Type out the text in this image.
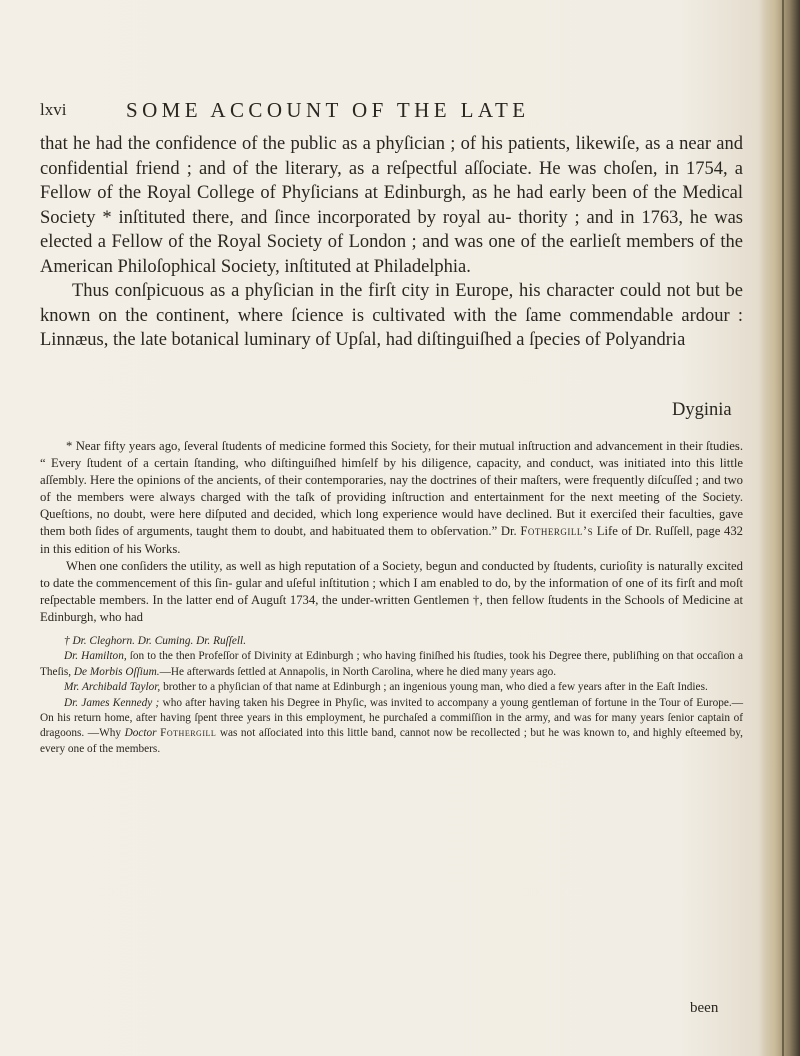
lxvi	SOME ACCOUNT OF THE LATE

that he had the confidence of the public as a phyſician ; of his patients, likewiſe, as a near and confidential friend ; and of the literary, as a reſpectful aſſociate. He was choſen, in 1754, a Fellow of the Royal College of Phyſicians at Edinburgh, as he had early been of the Medical Society * inſtituted there, and ſince incorporated by royal au- thority ; and in 1763, he was elected a Fellow of the Royal Society of London ; and was one of the earlieſt members of the American Philoſophical Society, inſtituted at Philadelphia.

Thus conſpicuous as a phyſician in the firſt city in Europe, his character could not but be known on the continent, where ſcience is cultivated with the ſame commendable ardour : Linnæus, the late botanical luminary of Upſal, had diſtinguiſhed a ſpecies of Polyandria

Dyginia

* Near fifty years ago, ſeveral ſtudents of medicine formed this Society, for their mutual inſtruction and advancement in their ſtudies. “ Every ſtudent of a certain ſtanding, who diſtinguiſhed himſelf by his diligence, capacity, and conduct, was initiated into this little aſſembly. Here the opinions of the ancients, of their contemporaries, nay the doctrines of their maſters, were frequently diſcuſſed ; and two of the members were always charged with the taſk of providing inſtruction and entertainment for the next meeting of the Society. Queſtions, no doubt, were here diſputed and decided, which long experience would have declined. But it exerciſed their faculties, gave them both ſides of arguments, taught them to doubt, and habituated them to obſervation.” Dr. Fothergill’s Life of Dr. Ruſſell, page 432 in this edition of his Works.

When one conſiders the utility, as well as high reputation of a Society, begun and conducted by ſtudents, curioſity is naturally excited to date the commencement of this ſin- gular and uſeful inſtitution ; which I am enabled to do, by the information of one of its firſt and moſt reſpectable members. In the latter end of Auguſt 1734, the under-written Gentlemen †, then fellow ſtudents in the Schools of Medicine at Edinburgh, who had

† Dr. Cleghorn. Dr. Cuming. Dr. Ruſſell.

Dr. Hamilton, ſon to the then Profeſſor of Divinity at Edinburgh ; who having finiſhed his ſtudies, took his Degree there, publiſhing on that occaſion a Theſis, De Morbis Oſſium.—He afterwards ſettled at Annapolis, in North Carolina, where he died many years ago.

Mr. Archibald Taylor, brother to a phyſician of that name at Edinburgh ; an ingenious young man, who died a few years after in the Eaſt Indies.

Dr. James Kennedy ; who after having taken his Degree in Phyſic, was invited to accompany a young gentleman of fortune in the Tour of Europe.—On his return home, after having ſpent three years in this employment, he purchaſed a commiſſion in the army, and was for many years ſenior captain of dragoons. —Why Doctor Fothergill was not aſſociated into this little band, cannot now be recollected ; but he was known to, and highly eſteemed by, every one of the members.

been
